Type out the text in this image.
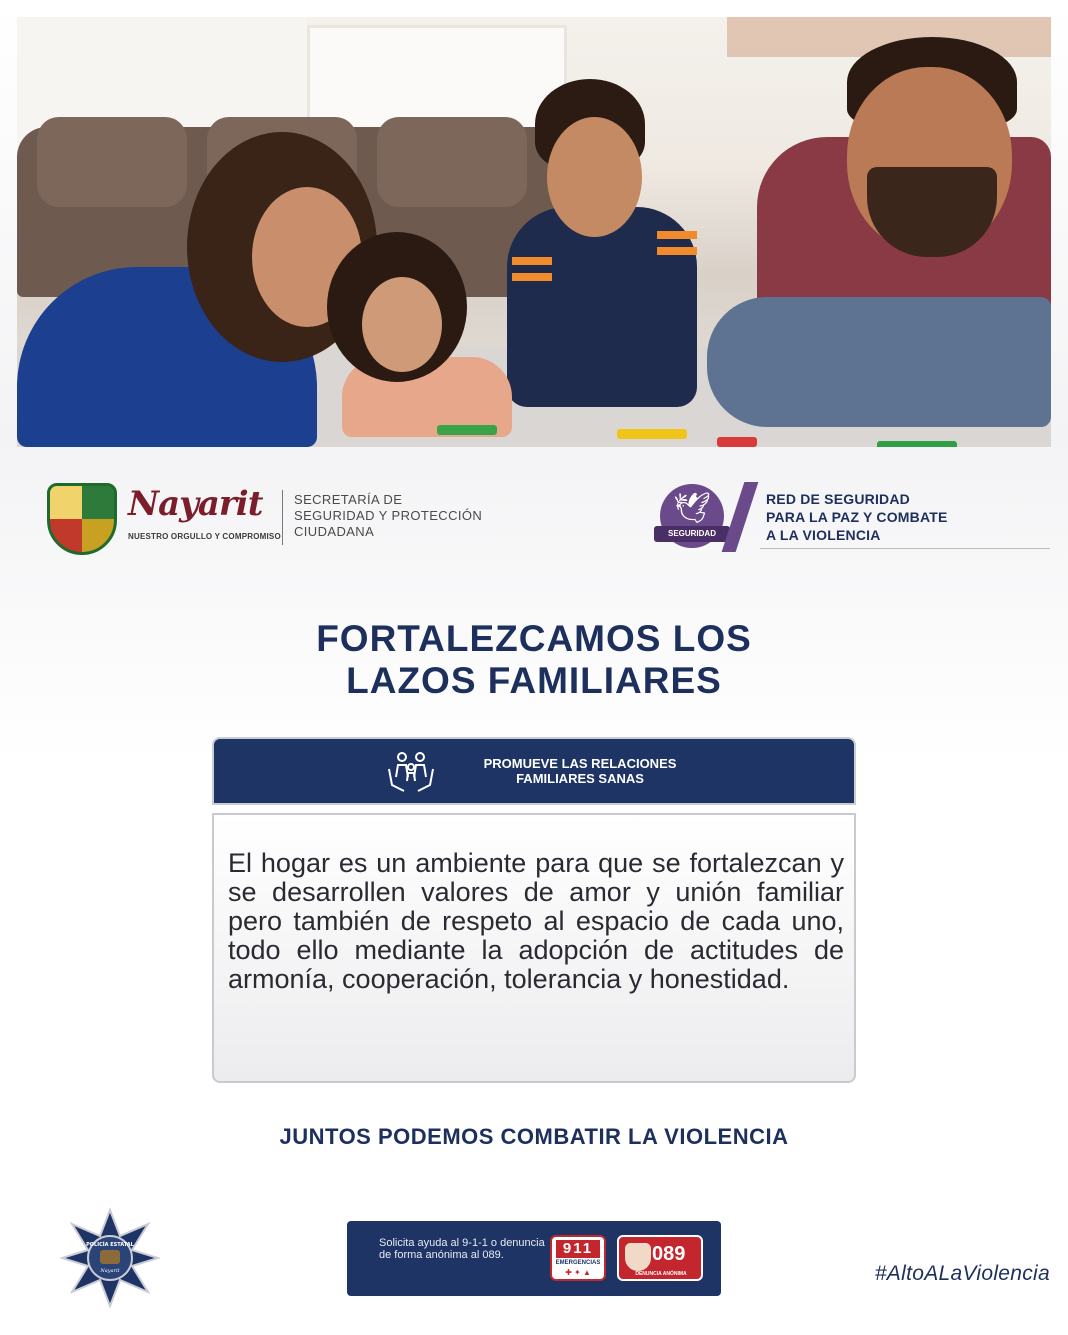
Nayarit
NUESTRO ORGULLO Y COMPROMISO
SECRETARÍA DE
SEGURIDAD Y PROTECCIÓN
CIUDADANA
🕊
SEGURIDAD
RED DE SEGURIDAD
PARA LA PAZ Y COMBATE
A LA VIOLENCIA
FORTALEZCAMOS LOS
LAZOS FAMILIARES
PROMUEVE LAS RELACIONES
FAMILIARES SANAS

El hogar es un ambiente para que se fortalezcan y se desarrollen valores de amor y unión familiar pero también de respeto al espacio de cada uno, todo ello mediante la adopción de actitudes de armonía, cooperación, tolerancia y honestidad.

JUNTOS PODEMOS COMBATIR LA VIOLENCIA
POLICÍA ESTATAL
Nayarit
Solicita ayuda al 9-1-1 o denuncia de forma anónima al 089.	911
EMERGENCIAS
✚ ✦ ▲
089
DENUNCIA ANÓNIMA	#AltoALaViolencia
